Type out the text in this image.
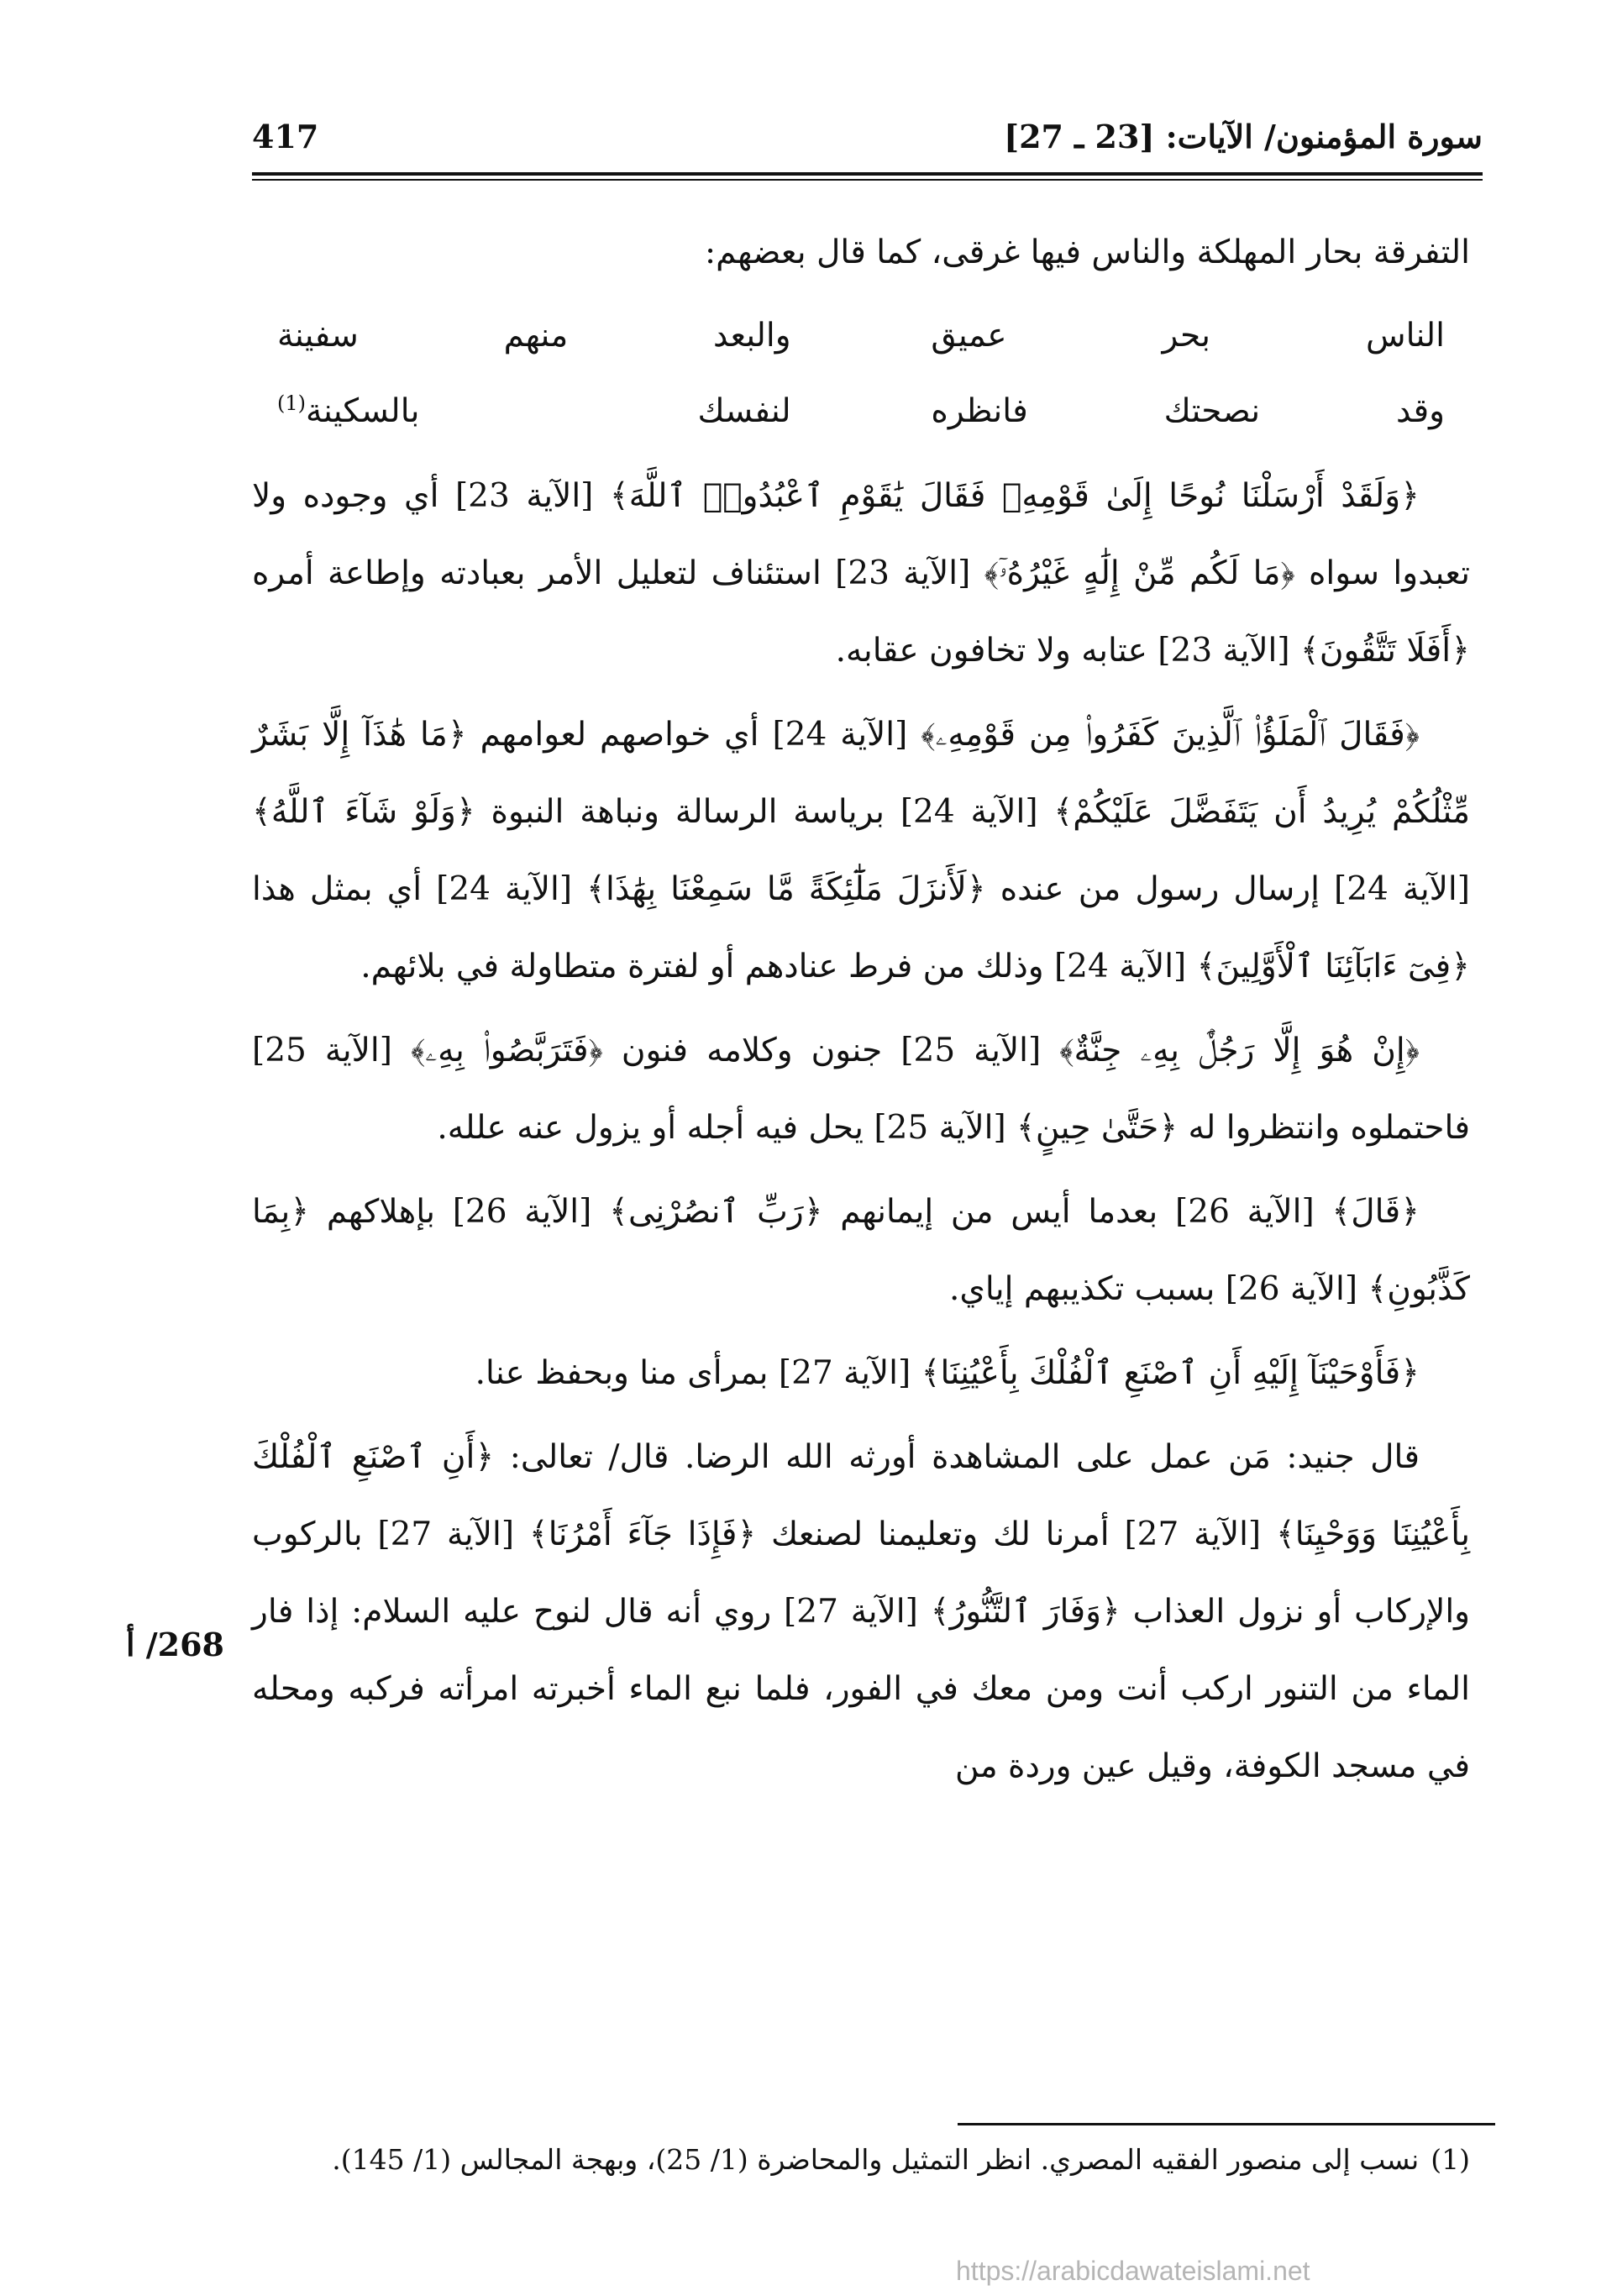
سورة المؤمنون/ الآيات: [23 ـ 27]
417

التفرقة بحار المهلكة والناس فيها غرقى، كما قال بعضهم:

الناس بحر عميق
والبعد منهم سفينة
وقد نصحتك فانظره
لنفسك بالسكينة$^{(1)}$

﴿وَلَقَدْ أَرْسَلْنَا نُوحًا إِلَىٰ قَوْمِهِۦ فَقَالَ يَٰقَوْمِ ٱعْبُدُوا۟ ٱللَّهَ﴾ [الآية 23] أي وجوده ولا تعبدوا سواه ﴿مَا لَكُم مِّنْ إِلَٰهٍ غَيْرُهُۥٓ﴾ [الآية 23] استئناف لتعليل الأمر بعبادته وإطاعة أمره ﴿أَفَلَا تَتَّقُونَ﴾ [الآية 23] عتابه ولا تخافون عقابه.

﴿فَقَالَ ٱلْمَلَؤُا۟ ٱلَّذِينَ كَفَرُوا۟ مِن قَوْمِهِۦ﴾ [الآية 24] أي خواصهم لعوامهم ﴿مَا هَٰذَآ إِلَّا بَشَرٌ مِّثْلُكُمْ يُرِيدُ أَن يَتَفَضَّلَ عَلَيْكُمْ﴾ [الآية 24] برياسة الرسالة ونباهة النبوة ﴿وَلَوْ شَآءَ ٱللَّهُ﴾ [الآية 24] إرسال رسول من عنده ﴿لَأَنزَلَ مَلَٰٓئِكَةً مَّا سَمِعْنَا بِهَٰذَا﴾ [الآية 24] أي بمثل هذا ﴿فِىٓ ءَابَآئِنَا ٱلْأَوَّلِينَ﴾ [الآية 24] وذلك من فرط عنادهم أو لفترة متطاولة في بلائهم.

﴿إِنْ هُوَ إِلَّا رَجُلٌۢ بِهِۦ جِنَّةٌ﴾ [الآية 25] جنون وكلامه فنون ﴿فَتَرَبَّصُوا۟ بِهِۦ﴾ [الآية 25] فاحتملوه وانتظروا له ﴿حَتَّىٰ حِينٍ﴾ [الآية 25] يحل فيه أجله أو يزول عنه علله.

﴿قَالَ﴾ [الآية 26] بعدما أيس من إيمانهم ﴿رَبِّ ٱنصُرْنِى﴾ [الآية 26] بإهلاكهم ﴿بِمَا كَذَّبُونِ﴾ [الآية 26] بسبب تكذيبهم إياي.

﴿فَأَوْحَيْنَآ إِلَيْهِ أَنِ ٱصْنَعِ ٱلْفُلْكَ بِأَعْيُنِنَا﴾ [الآية 27] بمرأى منا وبحفظ عنا.

قال جنيد: مَن عمل على المشاهدة أورثه الله الرضا. قال/ تعالى: ﴿أَنِ ٱصْنَعِ ٱلْفُلْكَ بِأَعْيُنِنَا وَوَحْيِنَا﴾ [الآية 27] أمرنا لك وتعليمنا لصنعك ﴿فَإِذَا جَآءَ أَمْرُنَا﴾ [الآية 27] بالركوب والإركاب أو نزول العذاب ﴿وَفَارَ ٱلتَّنُّورُ﴾ [الآية 27] روي أنه قال لنوح عليه السلام: إذا فار الماء من التنور اركب أنت ومن معك في الفور، فلما نبع الماء أخبرته امرأته فركبه ومحله في مسجد الكوفة، وقيل عين وردة من

268/ أ
(1)نسب إلى منصور الفقيه المصري. انظر التمثيل والمحاضرة (1/ 25)، وبهجة المجالس (1/ 145).
https://arabicdawateislami.net
